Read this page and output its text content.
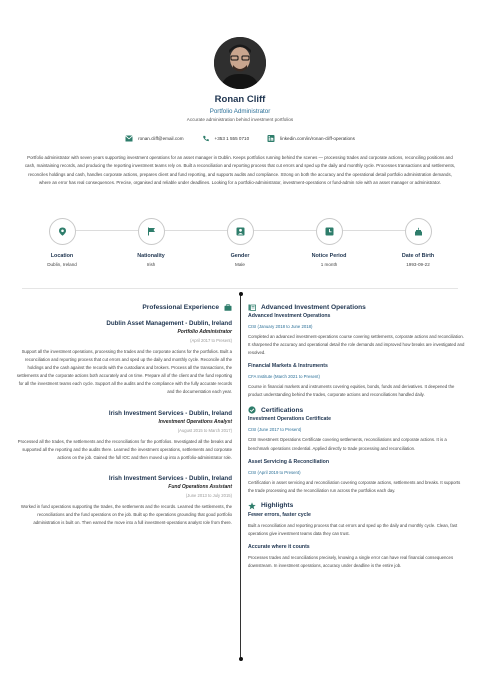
Ronan Cliff
Portfolio Administrator
Accurate administration behind investment portfolios
ronan.cliff@email.com	+353 1 555 0710	linkedin.com/in/ronan-cliff-operations
Portfolio administrator with seven years supporting investment operations for an asset manager in Dublin. Keeps portfolios running behind the scenes — processing trades and corporate actions, reconciling positions and cash, maintaining records, and producing the reporting investment teams rely on. Built a reconciliation and reporting process that cut errors and sped up the daily and monthly cycle. Processes transactions and settlements, reconciles holdings and cash, handles corporate actions, prepares client and fund reporting, and supports audits and compliance. Strong on both the accuracy and the operational detail portfolio administration demands, where an error has real consequences. Precise, organised and reliable under deadlines. Looking for a portfolio-administrator, investment-operations or fund-admin role with an asset manager or administrator.
Location
Dublin, Ireland
Nationality
Irish
Gender
Male
Notice Period
1 month
Date of Birth
1993-09-22
Professional Experience
Dublin Asset Management - Dublin, Ireland
Portfolio Administrator
(April 2017 to Present)
Support all the investment operations, processing the trades and the corporate actions for the portfolios. Built a reconciliation and reporting process that cut errors and sped up the daily and monthly cycle. Reconcile all the holdings and the cash against the records with the custodians and brokers. Process all the transactions, the settlements and the corporate actions both accurately and on time. Prepare all of the client and the fund reporting for all the investment teams each cycle. Support all the audits and the compliance with the fully accurate records and the documentation each year.
Irish Investment Services - Dublin, Ireland
Investment Operations Analyst
(August 2015 to March 2017)
Processed all the trades, the settlements and the reconciliations for the portfolios. Investigated all the breaks and supported all the reporting and the audits there. Learned the investment operations, settlements and corporate actions on the job. Gained the full IOC and then moved up into a portfolio-administrator role.
Irish Investment Services - Dublin, Ireland
Fund Operations Assistant
(June 2013 to July 2015)
Worked in fund operations supporting the trades, the settlements and the records. Learned the settlements, the reconciliations and the fund operations on the job. Built up the operations grounding that good portfolio administration is built on. Then earned the move into a full investment-operations analyst role from there.
Advanced Investment Operations
Advanced Investment Operations
CISI (January 2018 to June 2018)
Completed an advanced investment-operations course covering settlements, corporate actions and reconciliation. It sharpened the accuracy and operational detail the role demands and improved how breaks are investigated and resolved.
Financial Markets & Instruments
CFA Institute (March 2021 to Present)
Course in financial markets and instruments covering equities, bonds, funds and derivatives. It deepened the product understanding behind the trades, corporate actions and reconciliations handled daily.
Certifications
Investment Operations Certificate
CISI (June 2017 to Present)
CISI Investment Operations Certificate covering settlements, reconciliations and corporate actions. It is a benchmark operations credential. Applied directly to trade processing and reconciliation.
Asset Servicing & Reconciliation
CISI (April 2019 to Present)
Certification in asset servicing and reconciliation covering corporate actions, settlements and breaks. It supports the trade processing and the reconciliation run across the portfolios each day.
Highlights
Fewer errors, faster cycle
Built a reconciliation and reporting process that cut errors and sped up the daily and monthly cycle. Clean, fast operations give investment teams data they can trust.
Accurate where it counts
Processes trades and reconciliations precisely, knowing a single error can have real financial consequences downstream. In investment operations, accuracy under deadline is the entire job.
